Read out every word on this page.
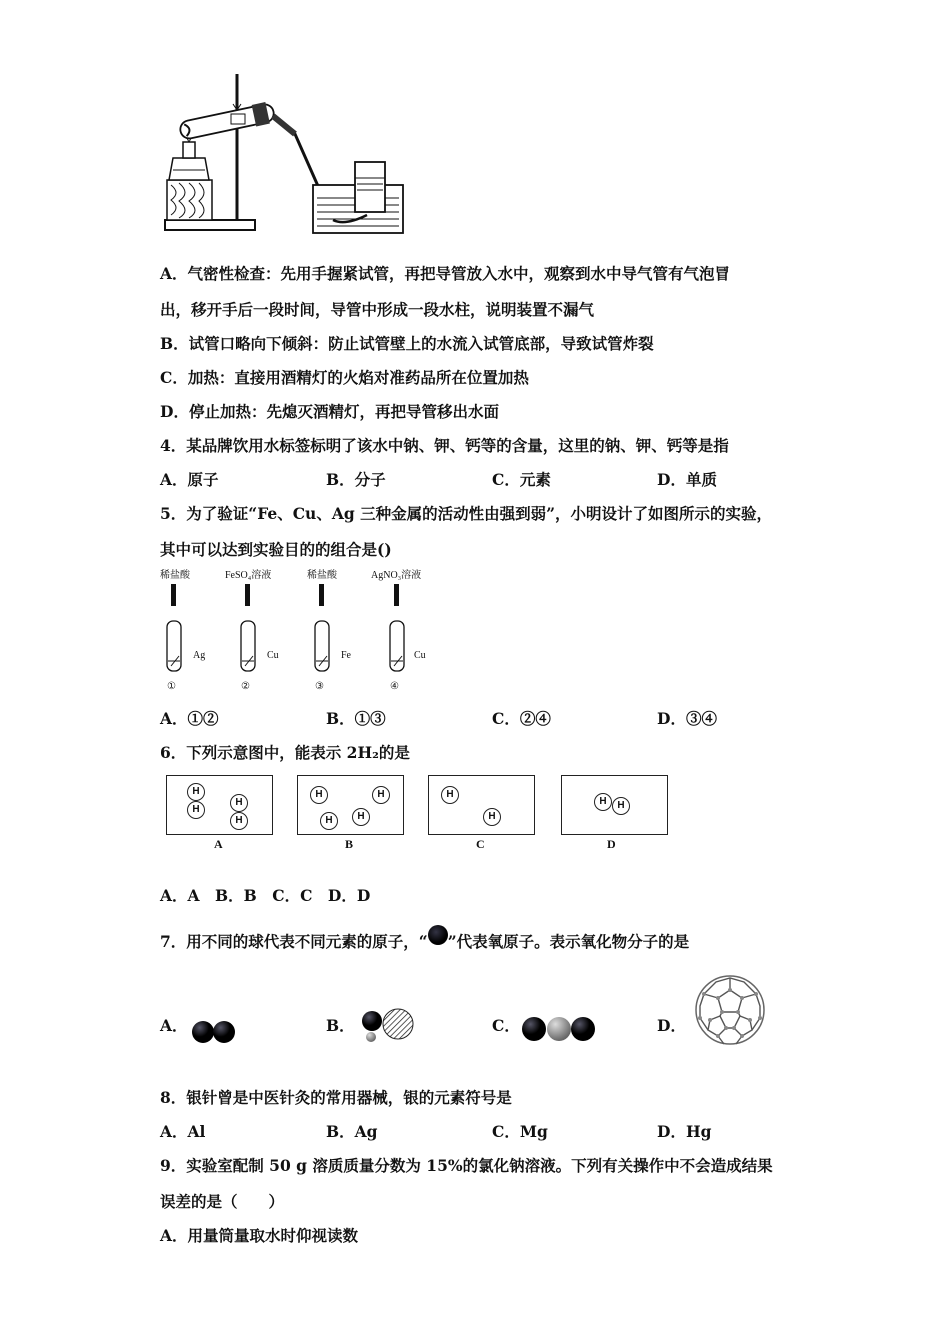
A．气密性检查：先用手握紧试管，再把导管放入水中，观察到水中导气管有气泡冒
出，移开手后一段时间，导管中形成一段水柱，说明装置不漏气
B．试管口略向下倾斜：防止试管壁上的水流入试管底部，导致试管炸裂
C．加热：直接用酒精灯的火焰对准药品所在位置加热
D．停止加热：先熄灭酒精灯，再把导管移出水面
4．某品牌饮用水标签标明了该水中钠、钾、钙等的含量，这里的钠、钾、钙等是指
A．原子	B．分子	C．元素	D．单质
5．为了验证“Fe、Cu、Ag 三种金属的活动性由强到弱”，小明设计了如图所示的实验，
其中可以达到实验目的的组合是()
稀盐酸
Ag
①
FeSO₄溶液
Cu
②
稀盐酸
Fe
③
AgNO₃溶液
Cu
④
A．①②	B．①③	C．②④	D．③④
6．下列示意图中，能表示 2H₂的是
H
H
H
H
A
H	H
H	H
B
H
H
C
H	H
D
A．A　B．B　C．C　D．D
7．用不同的球代表不同元素的原子，“ ”代表氧原子。表示氧化物分子的是
A．	B．	C．	D．
8．银针曾是中医针灸的常用器械，银的元素符号是
A．Al	B．Ag	C．Mg	D．Hg
9．实验室配制 50 g 溶质质量分数为 15%的氯化钠溶液。下列有关操作中不会造成结果
误差的是（　　）
A．用量筒量取水时仰视读数
